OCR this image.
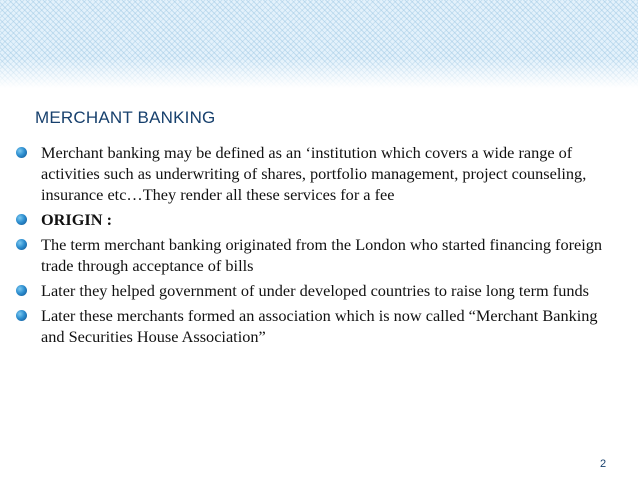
MERCHANT BANKING
Merchant banking may be defined as an ‘institution which covers a wide range of activities such as underwriting of shares, portfolio management, project counseling, insurance etc…They render all these services for a fee
ORIGIN :
The term merchant banking originated from the London who started financing foreign trade through acceptance of bills
Later they helped government of under developed countries to raise long term funds
Later these merchants formed an association which is now called “Merchant Banking and Securities House Association”
2
